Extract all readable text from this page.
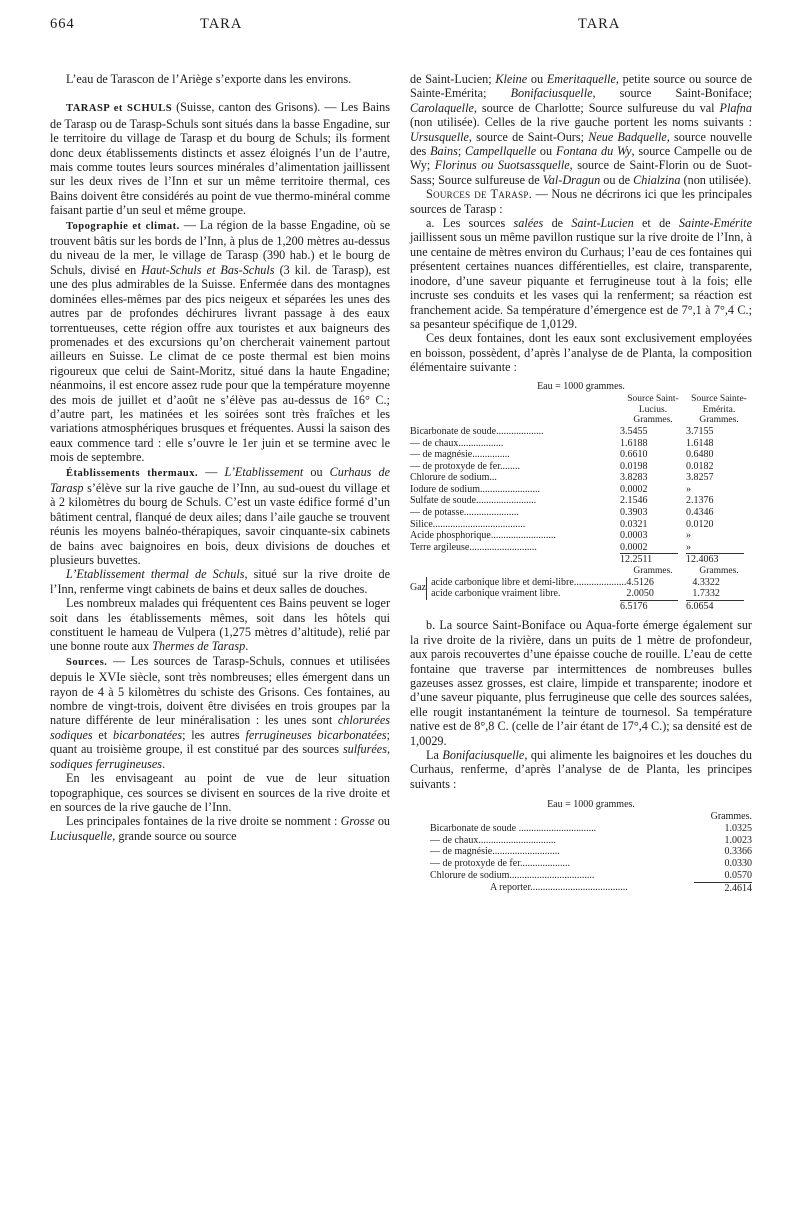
664	TARA	TARA

L’eau de Tarascon de l’Ariège s’exporte dans les environs.

TARASP et SCHULS (Suisse, canton des Grisons). — Les Bains de Tarasp ou de Tarasp-Schuls sont situés dans la basse Engadine, sur le territoire du village de Tarasp et du bourg de Schuls; ils forment donc deux établissements distincts et assez éloignés l’un de l’autre, mais comme toutes leurs sources minérales d’alimentation jaillissent sur les deux rives de l’Inn et sur un même territoire thermal, ces Bains doivent être considérés au point de vue thermo-minéral comme faisant partie d’un seul et même groupe.

Topographie et climat. — La région de la basse Engadine, où se trouvent bâtis sur les bords de l’Inn, à plus de 1,200 mètres au-dessus du niveau de la mer, le village de Tarasp (390 hab.) et le bourg de Schuls, divisé en Haut-Schuls et Bas-Schuls (3 kil. de Tarasp), est une des plus admirables de la Suisse. Enfermée dans des montagnes dominées elles-mêmes par des pics neigeux et séparées les unes des autres par de profondes déchirures livrant passage à des eaux torrentueuses, cette région offre aux touristes et aux baigneurs des promenades et des excursions qu’on chercherait vainement partout ailleurs en Suisse. Le climat de ce poste thermal est bien moins rigoureux que celui de Saint-Moritz, situé dans la haute Engadine; néanmoins, il est encore assez rude pour que la température moyenne des mois de juillet et d’août ne s’élève pas au-dessus de 16° C.; d’autre part, les matinées et les soirées sont très fraîches et les variations atmosphériques brusques et fréquentes. Aussi la saison des eaux commence tard : elle s’ouvre le 1er juin et se termine avec le mois de septembre.

Établissements thermaux. — L’Etablissement ou Curhaus de Tarasp s’élève sur la rive gauche de l’Inn, au sud-ouest du village et à 2 kilomètres du bourg de Schuls. C’est un vaste édifice formé d’un bâtiment central, flanqué de deux ailes; dans l’aile gauche se trouvent réunis les moyens balnéo-thérapiques, savoir cinquante-six cabinets de bains avec baignoires en bois, deux divisions de douches et plusieurs buvettes.

L’Etablissement thermal de Schuls, situé sur la rive droite de l’Inn, renferme vingt cabinets de bains et deux salles de douches.

Les nombreux malades qui fréquentent ces Bains peuvent se loger soit dans les établissements mêmes, soit dans les hôtels qui constituent le hameau de Vulpera (1,275 mètres d’altitude), relié par une bonne route aux Thermes de Tarasp.

Sources. — Les sources de Tarasp-Schuls, connues et utilisées depuis le XVIe siècle, sont très nombreuses; elles émergent dans un rayon de 4 à 5 kilomètres du schiste des Grisons. Ces fontaines, au nombre de vingt-trois, doivent être divisées en trois groupes par la nature différente de leur minéralisation : les unes sont chlorurées sodiques et bicarbonatées; les autres ferrugineuses bicarbonatées; quant au troisième groupe, il est constitué par des sources sulfurées, sodiques ferrugineuses.

En les envisageant au point de vue de leur situation topographique, ces sources se divisent en sources de la rive droite et en sources de la rive gauche de l’Inn.

Les principales fontaines de la rive droite se nomment : Grosse ou Luciusquelle, grande source ou source

de Saint-Lucien; Kleine ou Emeritaquelle, petite source ou source de Sainte-Emérita; Bonifaciusquelle, source Saint-Boniface; Carolaquelle, source de Charlotte; Source sulfureuse du val Plafna (non utilisée). Celles de la rive gauche portent les noms suivants : Ursusquelle, source de Saint-Ours; Neue Badquelle, source nouvelle des Bains; Campellquelle ou Fontana du Wy, source Campelle ou de Wy; Florinus ou Suotsassquelle, source de Saint-Florin ou de Suot-Sass; Source sulfureuse de Val-Dragun ou de Chialzina (non utilisée).

Sources de Tarasp. — Nous ne décrirons ici que les principales sources de Tarasp :

a. Les sources salées de Saint-Lucien et de Sainte-Emérite jaillissent sous un même pavillon rustique sur la rive droite de l’Inn, à une centaine de mètres environ du Curhaus; l’eau de ces fontaines qui présentent certaines nuances différentielles, est claire, transparente, inodore, d’une saveur piquante et ferrugineuse tout à la fois; elle incruste ses conduits et les vases qui la renferment; sa réaction est franchement acide. Sa température d’émergence est de 7°,1 à 7°,4 C.; sa pesanteur spécifique de 1,0129.

Ces deux fontaines, dont les eaux sont exclusivement employées en boisson, possèdent, d’après l’analyse de de Planta, la composition élémentaire suivante :

Eau = 1000 grammes.
Source Saint-Lucius.
Source Sainte-Emérita.
Grammes.	Grammes.
Bicarbonate de soude...................	3.5455	3.7155
— de chaux..................	1.6188	1.6148
— de magnésie...............	0.6610	0.6480
— de protoxyde de fer........	0.0198	0.0182
Chlorure de sodium...	3.8283	3.8257
Iodure de sodium........................	0.0002	»
Sulfate de soude........................	2.1546	2.1376
— de potasse......................	0.3903	0.4346
Silice.....................................	0.0321	0.0120
Acide phosphorique..........................	0.0003	»
Terre argileuse...........................	0.0002	»
12.2511	12.4063
Grammes.	Grammes.
Gaz
acide carbonique libre et demi-libre..................... 4.5126	4.3322
acide carbonique vraiment libre.	2.0050	1.7332
6.5176	6.0654

b. La source Saint-Boniface ou Aqua-forte émerge également sur la rive droite de la rivière, dans un puits de 1 mètre de profondeur, aux parois recouvertes d’une épaisse couche de rouille. L’eau de cette fontaine que traverse par intermittences de nombreuses bulles gazeuses assez grosses, est claire, limpide et transparente; inodore et d’une saveur piquante, plus ferrugineuse que celle des sources salées, elle rougit instantanément la teinture de tournesol. Sa température native est de 8°,8 C. (celle de l’air étant de 17°,4 C.); sa densité est de 1,0029.

La Bonifaciusquelle, qui alimente les baignoires et les douches du Curhaus, renferme, d’après l’analyse de de Planta, les principes suivants :

Eau = 1000 grammes.
Grammes.
Bicarbonate de soude ...............................	1.0325
— de chaux...............................	1.0023
— de magnésie...........................	0.3366
— de protoxyde de fer....................	0.0330
Chlorure de sodium..................................	0.0570
A reporter.......................................	2.4614
